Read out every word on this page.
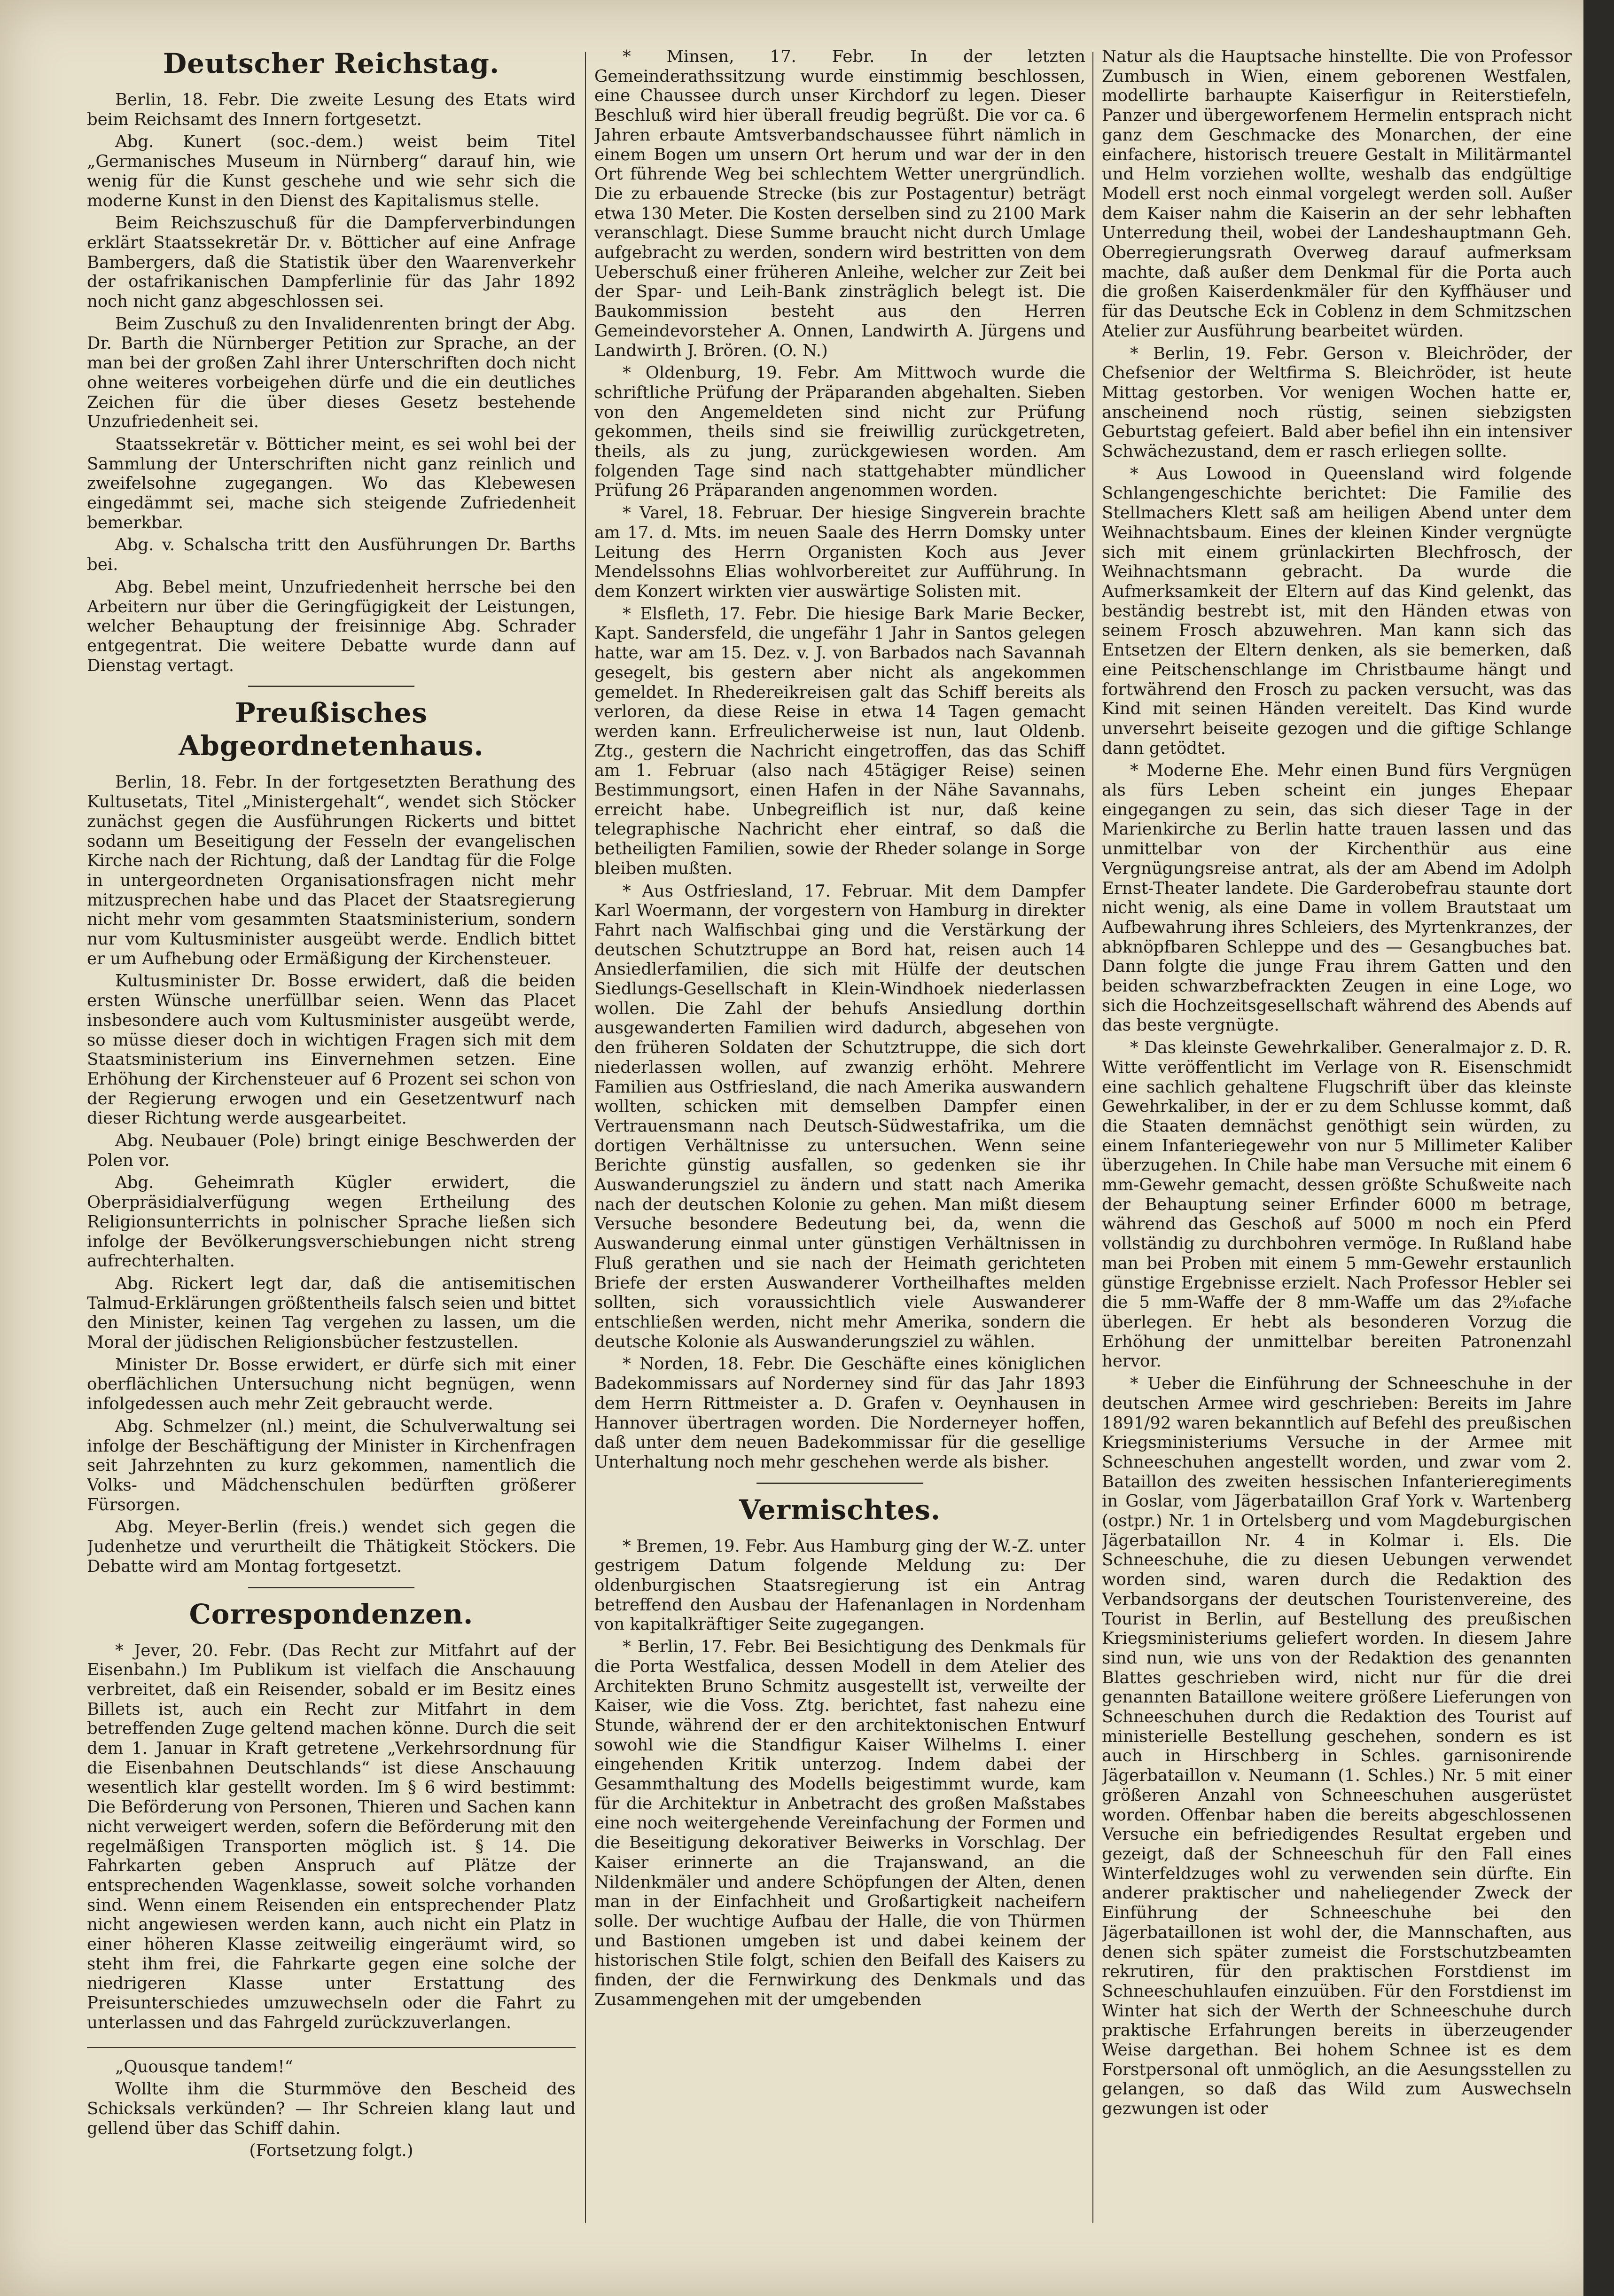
Deutscher Reichstag.

Berlin, 18. Febr. Die zweite Lesung des Etats wird beim Reichsamt des Innern fortgesetzt.

Abg. Kunert (soc.-dem.) weist beim Titel „Germanisches Museum in Nürnberg“ darauf hin, wie wenig für die Kunst geschehe und wie sehr sich die moderne Kunst in den Dienst des Kapitalismus stelle.

Beim Reichszuschuß für die Dampferverbindungen erklärt Staatssekretär Dr. v. Bötticher auf eine Anfrage Bambergers, daß die Statistik über den Waarenverkehr der ostafrikanischen Dampferlinie für das Jahr 1892 noch nicht ganz abgeschlossen sei.

Beim Zuschuß zu den Invalidenrenten bringt der Abg. Dr. Barth die Nürnberger Petition zur Sprache, an der man bei der großen Zahl ihrer Unterschriften doch nicht ohne weiteres vorbeigehen dürfe und die ein deutliches Zeichen für die über dieses Gesetz bestehende Unzufriedenheit sei.

Staatssekretär v. Bötticher meint, es sei wohl bei der Sammlung der Unterschriften nicht ganz reinlich und zweifelsohne zugegangen. Wo das Klebewesen eingedämmt sei, mache sich steigende Zufriedenheit bemerkbar.

Abg. v. Schalscha tritt den Ausführungen Dr. Barths bei.

Abg. Bebel meint, Unzufriedenheit herrsche bei den Arbeitern nur über die Geringfügigkeit der Leistungen, welcher Behauptung der freisinnige Abg. Schrader entgegentrat. Die weitere Debatte wurde dann auf Dienstag vertagt.

Preußisches Abgeordnetenhaus.

Berlin, 18. Febr. In der fortgesetzten Berathung des Kultusetats, Titel „Ministergehalt“, wendet sich Stöcker zunächst gegen die Ausführungen Rickerts und bittet sodann um Beseitigung der Fesseln der evangelischen Kirche nach der Richtung, daß der Landtag für die Folge in untergeordneten Organisationsfragen nicht mehr mitzusprechen habe und das Placet der Staatsregierung nicht mehr vom gesammten Staatsministerium, sondern nur vom Kultusminister ausgeübt werde. Endlich bittet er um Aufhebung oder Ermäßigung der Kirchensteuer.

Kultusminister Dr. Bosse erwidert, daß die beiden ersten Wünsche unerfüllbar seien. Wenn das Placet insbesondere auch vom Kultusminister ausgeübt werde, so müsse dieser doch in wichtigen Fragen sich mit dem Staatsministerium ins Einvernehmen setzen. Eine Erhöhung der Kirchensteuer auf 6 Prozent sei schon von der Regierung erwogen und ein Gesetzentwurf nach dieser Richtung werde ausgearbeitet.

Abg. Neubauer (Pole) bringt einige Beschwerden der Polen vor.

Abg. Geheimrath Kügler erwidert, die Oberpräsidialverfügung wegen Ertheilung des Religionsunterrichts in polnischer Sprache ließen sich infolge der Bevölkerungsverschiebungen nicht streng aufrechterhalten.

Abg. Rickert legt dar, daß die antisemitischen Talmud-Erklärungen größtentheils falsch seien und bittet den Minister, keinen Tag vergehen zu lassen, um die Moral der jüdischen Religionsbücher festzustellen.

Minister Dr. Bosse erwidert, er dürfe sich mit einer oberflächlichen Untersuchung nicht begnügen, wenn infolgedessen auch mehr Zeit gebraucht werde.

Abg. Schmelzer (nl.) meint, die Schulverwaltung sei infolge der Beschäftigung der Minister in Kirchenfragen seit Jahrzehnten zu kurz gekommen, namentlich die Volks- und Mädchenschulen bedürften größerer Fürsorgen.

Abg. Meyer-Berlin (freis.) wendet sich gegen die Judenhetze und verurtheilt die Thätigkeit Stöckers. Die Debatte wird am Montag fortgesetzt.

Correspondenzen.

* Jever, 20. Febr. (Das Recht zur Mitfahrt auf der Eisenbahn.) Im Publikum ist vielfach die Anschauung verbreitet, daß ein Reisender, sobald er im Besitz eines Billets ist, auch ein Recht zur Mitfahrt in dem betreffenden Zuge geltend machen könne. Durch die seit dem 1. Januar in Kraft getretene „Verkehrsordnung für die Eisenbahnen Deutschlands“ ist diese Anschauung wesentlich klar gestellt worden. Im § 6 wird bestimmt: Die Beförderung von Personen, Thieren und Sachen kann nicht verweigert werden, sofern die Beförderung mit den regelmäßigen Transporten möglich ist. § 14. Die Fahrkarten geben Anspruch auf Plätze der entsprechenden Wagenklasse, soweit solche vorhanden sind. Wenn einem Reisenden ein entsprechender Platz nicht angewiesen werden kann, auch nicht ein Platz in einer höheren Klasse zeitweilig eingeräumt wird, so steht ihm frei, die Fahrkarte gegen eine solche der niedrigeren Klasse unter Erstattung des Preisunterschiedes umzuwechseln oder die Fahrt zu unterlassen und das Fahrgeld zurückzuverlangen.

„Quousque tandem!“

Wollte ihm die Sturmmöve den Bescheid des Schicksals verkünden? — Ihr Schreien klang laut und gellend über das Schiff dahin.

(Fortsetzung folgt.)

* Minsen, 17. Febr. In der letzten Gemeinderathssitzung wurde einstimmig beschlossen, eine Chaussee durch unser Kirchdorf zu legen. Dieser Beschluß wird hier überall freudig begrüßt. Die vor ca. 6 Jahren erbaute Amtsverbandschaussee führt nämlich in einem Bogen um unsern Ort herum und war der in den Ort führende Weg bei schlechtem Wetter unergründlich. Die zu erbauende Strecke (bis zur Postagentur) beträgt etwa 130 Meter. Die Kosten derselben sind zu 2100 Mark veranschlagt. Diese Summe braucht nicht durch Umlage aufgebracht zu werden, sondern wird bestritten von dem Ueberschuß einer früheren Anleihe, welcher zur Zeit bei der Spar- und Leih-Bank zinsträglich belegt ist. Die Baukommission besteht aus den Herren Gemeindevorsteher A. Onnen, Landwirth A. Jürgens und Landwirth J. Brören. (O. N.)

* Oldenburg, 19. Febr. Am Mittwoch wurde die schriftliche Prüfung der Präparanden abgehalten. Sieben von den Angemeldeten sind nicht zur Prüfung gekommen, theils sind sie freiwillig zurückgetreten, theils, als zu jung, zurückgewiesen worden. Am folgenden Tage sind nach stattgehabter mündlicher Prüfung 26 Präparanden angenommen worden.

* Varel, 18. Februar. Der hiesige Singverein brachte am 17. d. Mts. im neuen Saale des Herrn Domsky unter Leitung des Herrn Organisten Koch aus Jever Mendelssohns Elias wohlvorbereitet zur Aufführung. In dem Konzert wirkten vier auswärtige Solisten mit.

* Elsfleth, 17. Febr. Die hiesige Bark Marie Becker, Kapt. Sandersfeld, die ungefähr 1 Jahr in Santos gelegen hatte, war am 15. Dez. v. J. von Barbados nach Savannah gesegelt, bis gestern aber nicht als angekommen gemeldet. In Rhedereikreisen galt das Schiff bereits als verloren, da diese Reise in etwa 14 Tagen gemacht werden kann. Erfreulicherweise ist nun, laut Oldenb. Ztg., gestern die Nachricht eingetroffen, das das Schiff am 1. Februar (also nach 45tägiger Reise) seinen Bestimmungsort, einen Hafen in der Nähe Savannahs, erreicht habe. Unbegreiflich ist nur, daß keine telegraphische Nachricht eher eintraf, so daß die betheiligten Familien, sowie der Rheder solange in Sorge bleiben mußten.

* Aus Ostfriesland, 17. Februar. Mit dem Dampfer Karl Woermann, der vorgestern von Hamburg in direkter Fahrt nach Walfischbai ging und die Verstärkung der deutschen Schutztruppe an Bord hat, reisen auch 14 Ansiedlerfamilien, die sich mit Hülfe der deutschen Siedlungs-Gesellschaft in Klein-Windhoek niederlassen wollen. Die Zahl der behufs Ansiedlung dorthin ausgewanderten Familien wird dadurch, abgesehen von den früheren Soldaten der Schutztruppe, die sich dort niederlassen wollen, auf zwanzig erhöht. Mehrere Familien aus Ostfriesland, die nach Amerika auswandern wollten, schicken mit demselben Dampfer einen Vertrauensmann nach Deutsch-Südwestafrika, um die dortigen Verhältnisse zu untersuchen. Wenn seine Berichte günstig ausfallen, so gedenken sie ihr Auswanderungsziel zu ändern und statt nach Amerika nach der deutschen Kolonie zu gehen. Man mißt diesem Versuche besondere Bedeutung bei, da, wenn die Auswanderung einmal unter günstigen Verhältnissen in Fluß gerathen und sie nach der Heimath gerichteten Briefe der ersten Auswanderer Vortheilhaftes melden sollten, sich voraussichtlich viele Auswanderer entschließen werden, nicht mehr Amerika, sondern die deutsche Kolonie als Auswanderungsziel zu wählen.

* Norden, 18. Febr. Die Geschäfte eines königlichen Badekommissars auf Norderney sind für das Jahr 1893 dem Herrn Rittmeister a. D. Grafen v. Oeynhausen in Hannover übertragen worden. Die Norderneyer hoffen, daß unter dem neuen Badekommissar für die gesellige Unterhaltung noch mehr geschehen werde als bisher.

Vermischtes.

* Bremen, 19. Febr. Aus Hamburg ging der W.-Z. unter gestrigem Datum folgende Meldung zu: Der oldenburgischen Staatsregierung ist ein Antrag betreffend den Ausbau der Hafenanlagen in Nordenham von kapitalkräftiger Seite zugegangen.

* Berlin, 17. Febr. Bei Besichtigung des Denkmals für die Porta Westfalica, dessen Modell in dem Atelier des Architekten Bruno Schmitz ausgestellt ist, verweilte der Kaiser, wie die Voss. Ztg. berichtet, fast nahezu eine Stunde, während der er den architektonischen Entwurf sowohl wie die Standfigur Kaiser Wilhelms I. einer eingehenden Kritik unterzog. Indem dabei der Gesammthaltung des Modells beigestimmt wurde, kam für die Architektur in Anbetracht des großen Maßstabes eine noch weitergehende Vereinfachung der Formen und die Beseitigung dekorativer Beiwerks in Vorschlag. Der Kaiser erinnerte an die Trajanswand, an die Nildenkmäler und andere Schöpfungen der Alten, denen man in der Einfachheit und Großartigkeit nacheifern solle. Der wuchtige Aufbau der Halle, die von Thürmen und Bastionen umgeben ist und dabei keinem der historischen Stile folgt, schien den Beifall des Kaisers zu finden, der die Fernwirkung des Denkmals und das Zusammengehen mit der umgebenden

Natur als die Hauptsache hinstellte. Die von Professor Zumbusch in Wien, einem geborenen Westfalen, modellirte barhaupte Kaiserfigur in Reiterstiefeln, Panzer und übergeworfenem Hermelin entsprach nicht ganz dem Geschmacke des Monarchen, der eine einfachere, historisch treuere Gestalt in Militärmantel und Helm vorziehen wollte, weshalb das endgültige Modell erst noch einmal vorgelegt werden soll. Außer dem Kaiser nahm die Kaiserin an der sehr lebhaften Unterredung theil, wobei der Landeshauptmann Geh. Oberregierungsrath Overweg darauf aufmerksam machte, daß außer dem Denkmal für die Porta auch die großen Kaiserdenkmäler für den Kyffhäuser und für das Deutsche Eck in Coblenz in dem Schmitzschen Atelier zur Ausführung bearbeitet würden.

* Berlin, 19. Febr. Gerson v. Bleichröder, der Chefsenior der Weltfirma S. Bleichröder, ist heute Mittag gestorben. Vor wenigen Wochen hatte er, anscheinend noch rüstig, seinen siebzigsten Geburtstag gefeiert. Bald aber befiel ihn ein intensiver Schwächezustand, dem er rasch erliegen sollte.

* Aus Lowood in Queensland wird folgende Schlangengeschichte berichtet: Die Familie des Stellmachers Klett saß am heiligen Abend unter dem Weihnachtsbaum. Eines der kleinen Kinder vergnügte sich mit einem grünlackirten Blechfrosch, der Weihnachtsmann gebracht. Da wurde die Aufmerksamkeit der Eltern auf das Kind gelenkt, das beständig bestrebt ist, mit den Händen etwas von seinem Frosch abzuwehren. Man kann sich das Entsetzen der Eltern denken, als sie bemerken, daß eine Peitschenschlange im Christbaume hängt und fortwährend den Frosch zu packen versucht, was das Kind mit seinen Händen vereitelt. Das Kind wurde unversehrt beiseite gezogen und die giftige Schlange dann getödtet.

* Moderne Ehe. Mehr einen Bund fürs Vergnügen als fürs Leben scheint ein junges Ehepaar eingegangen zu sein, das sich dieser Tage in der Marienkirche zu Berlin hatte trauen lassen und das unmittelbar von der Kirchenthür aus eine Vergnügungsreise antrat, als der am Abend im Adolph Ernst-Theater landete. Die Garderobefrau staunte dort nicht wenig, als eine Dame in vollem Brautstaat um Aufbewahrung ihres Schleiers, des Myrtenkranzes, der abknöpfbaren Schleppe und des — Gesangbuches bat. Dann folgte die junge Frau ihrem Gatten und den beiden schwarzbefrackten Zeugen in eine Loge, wo sich die Hochzeitsgesellschaft während des Abends auf das beste vergnügte.

* Das kleinste Gewehrkaliber. Generalmajor z. D. R. Witte veröffentlicht im Verlage von R. Eisenschmidt eine sachlich gehaltene Flugschrift über das kleinste Gewehrkaliber, in der er zu dem Schlusse kommt, daß die Staaten demnächst genöthigt sein würden, zu einem Infanteriegewehr von nur 5 Millimeter Kaliber überzugehen. In Chile habe man Versuche mit einem 6 mm-Gewehr gemacht, dessen größte Schußweite nach der Behauptung seiner Erfinder 6000 m betrage, während das Geschoß auf 5000 m noch ein Pferd vollständig zu durchbohren vermöge. In Rußland habe man bei Proben mit einem 5 mm-Gewehr erstaunlich günstige Ergebnisse erzielt. Nach Professor Hebler sei die 5 mm-Waffe der 8 mm-Waffe um das 2⁹⁄₁₀fache überlegen. Er hebt als besonderen Vorzug die Erhöhung der unmittelbar bereiten Patronenzahl hervor.

* Ueber die Einführung der Schneeschuhe in der deutschen Armee wird geschrieben: Bereits im Jahre 1891/92 waren bekanntlich auf Befehl des preußischen Kriegsministeriums Versuche in der Armee mit Schneeschuhen angestellt worden, und zwar vom 2. Bataillon des zweiten hessischen Infanterieregiments in Goslar, vom Jägerbataillon Graf York v. Wartenberg (ostpr.) Nr. 1 in Ortelsberg und vom Magdeburgischen Jägerbataillon Nr. 4 in Kolmar i. Els. Die Schneeschuhe, die zu diesen Uebungen verwendet worden sind, waren durch die Redaktion des Verbandsorgans der deutschen Touristenvereine, des Tourist in Berlin, auf Bestellung des preußischen Kriegsministeriums geliefert worden. In diesem Jahre sind nun, wie uns von der Redaktion des genannten Blattes geschrieben wird, nicht nur für die drei genannten Bataillone weitere größere Lieferungen von Schneeschuhen durch die Redaktion des Tourist auf ministerielle Bestellung geschehen, sondern es ist auch in Hirschberg in Schles. garnisonirende Jägerbataillon v. Neumann (1. Schles.) Nr. 5 mit einer größeren Anzahl von Schneeschuhen ausgerüstet worden. Offenbar haben die bereits abgeschlossenen Versuche ein befriedigendes Resultat ergeben und gezeigt, daß der Schneeschuh für den Fall eines Winterfeldzuges wohl zu verwenden sein dürfte. Ein anderer praktischer und naheliegender Zweck der Einführung der Schneeschuhe bei den Jägerbataillonen ist wohl der, die Mannschaften, aus denen sich später zumeist die Forstschutzbeamten rekrutiren, für den praktischen Forstdienst im Schneeschuhlaufen einzuüben. Für den Forstdienst im Winter hat sich der Werth der Schneeschuhe durch praktische Erfahrungen bereits in überzeugender Weise dargethan. Bei hohem Schnee ist es dem Forstpersonal oft unmöglich, an die Aesungsstellen zu gelangen, so daß das Wild zum Auswechseln gezwungen ist oder
